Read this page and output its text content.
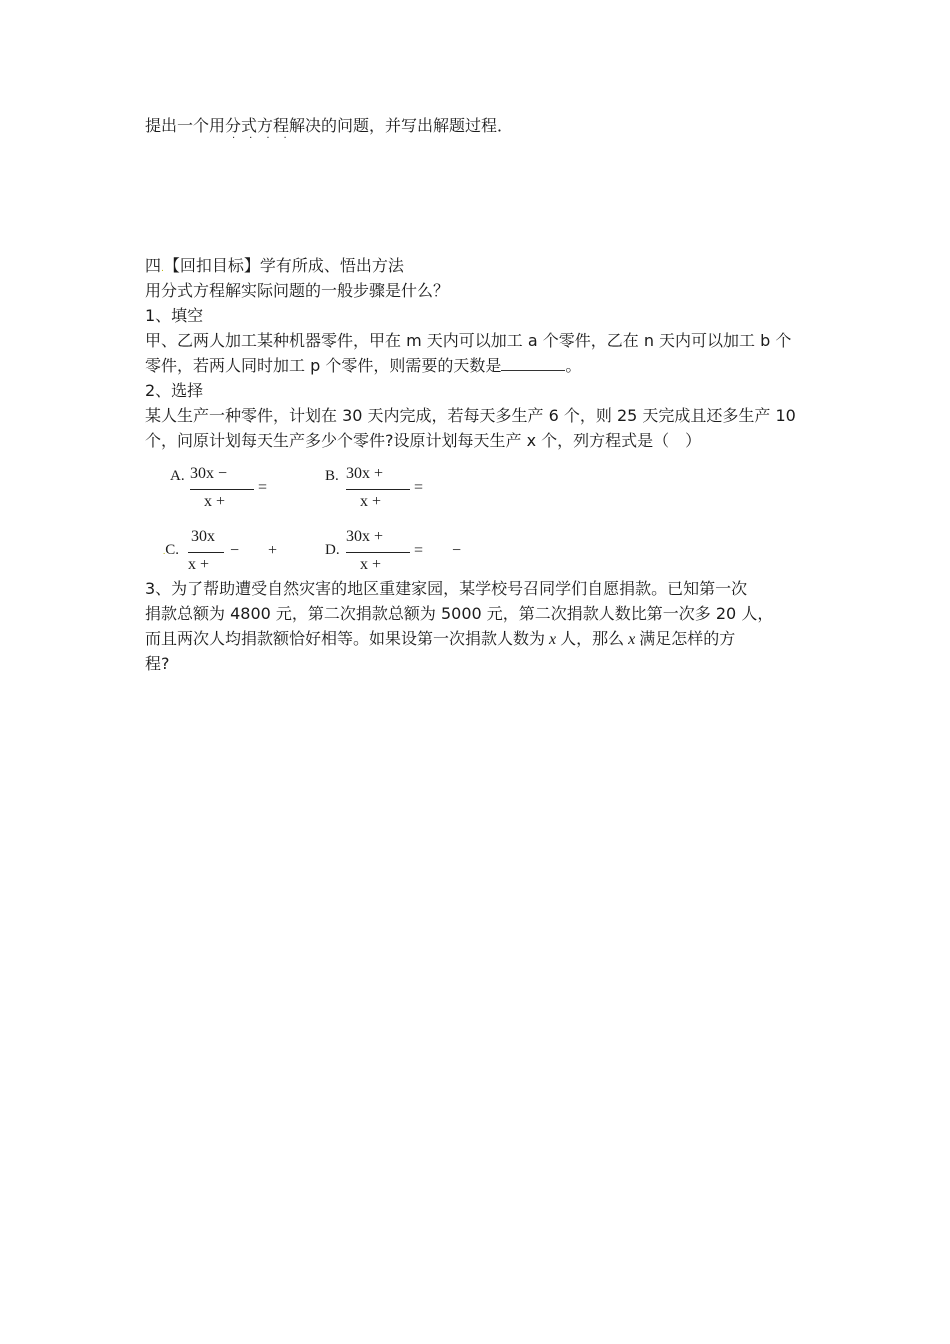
提出一个用分式方程解决的问题，并写出解题过程．
····
四.【回扣目标】学有所成、悟出方法
用分式方程解实际问题的一般步骤是什么？
1、填空
甲、乙两人加工某种机器零件，甲在 m 天内可以加工 a 个零件，乙在 n 天内可以加工 b 个
零件，若两人同时加工 p 个零件，则需要的天数是	。
2、选择
某人生产一种零件，计划在 30 天内完成，若每天多生产 6 个，则 25 天完成且还多生产 10
个，问原计划每天生产多少个零件?设原计划每天生产 x 个，列方程式是（　）
A. 30x −
x +
=
B. 30x +
x +
=
.C.
30x
x +
− +	D.
30x +
x +
= −
3、为了帮助遭受自然灾害的地区重建家园，某学校号召同学们自愿捐款。已知第一次
捐款总额为 4800 元，第二次捐款总额为 5000 元，第二次捐款人数比第一次多 20 人，
而且两次人均捐款额恰好相等。如果设第一次捐款人数为 x 人，那么 x 满足怎样的方
程?
